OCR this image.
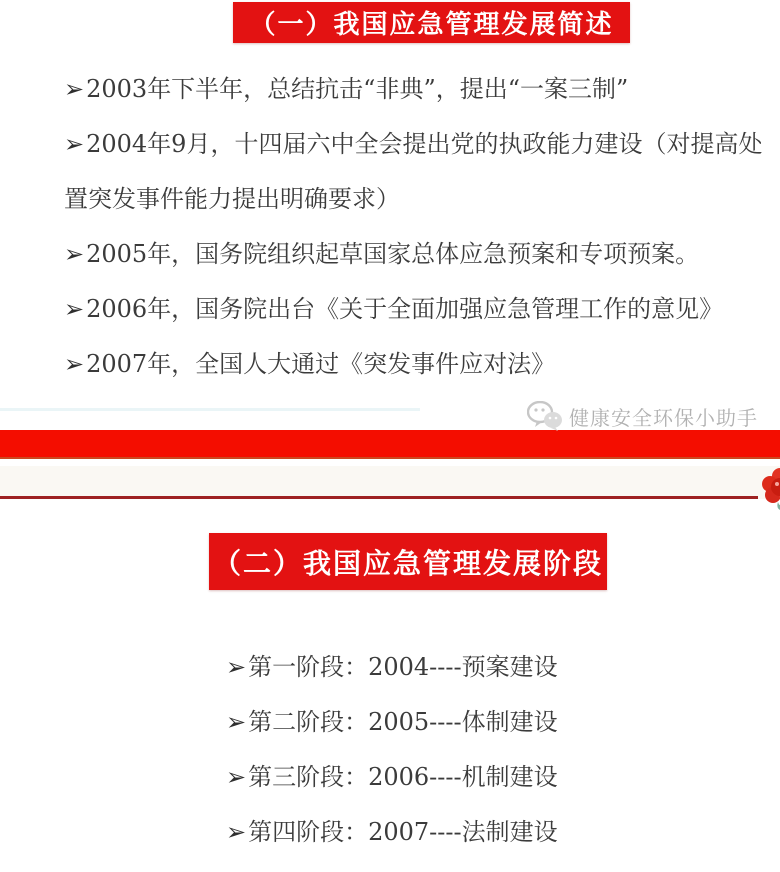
（一）我国应急管理发展简述
➢2003年下半年，总结抗击“非典”，提出“一案三制”
➢2004年9月，十四届六中全会提出党的执政能力建设（对提高处置突发事件能力提出明确要求）
➢2005年，国务院组织起草国家总体应急预案和专项预案。
➢2006年，国务院出台《关于全面加强应急管理工作的意见》
➢2007年，全国人大通过《突发事件应对法》
健康安全环保小助手
（二）我国应急管理发展阶段
➢第一阶段：2004----预案建设
➢第二阶段：2005----体制建设
➢第三阶段：2006----机制建设
➢第四阶段：2007----法制建设
